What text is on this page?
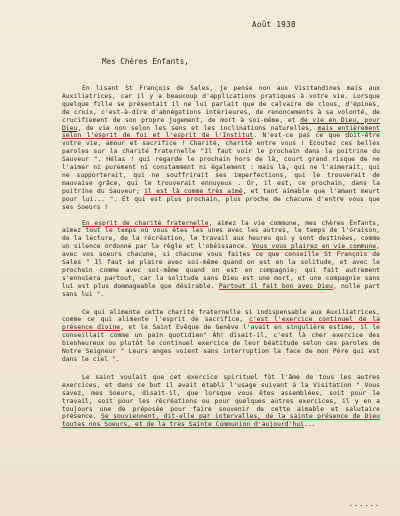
Août 1938
Mes Chères Enfants,

En lisant St François de Sales, je pense non aux Visitandines mais aux Auxiliatrices, car il y a beaucoup d'applications pratiques à votre vie. Lorsque quelque fille se présentait il ne lui parlait que de calvaire de clous, d'épines, de croix, c'est-à-dire d'abnégations intérieures, de renoncements à sa volonté, de crucifiement de son propre jugement, de mort à soi-même, et de vie en Dieu, pour Dieu, de vie non selon les sens et les inclinations naturelles, mais entièrement selon l'esprit de foi et l'esprit de l'Institut. N'est-ce pas ce que doit-être votre vie, amour et sacrifice ! Charité, charité entre vous ! Ecoutez ces belles paroles sur la charité fraternelle "Il faut voir le prochain dans la poitrine du Sauveur ". Hélas ! qui regarde le prochain hors de là, court grand risque de ne l'aimer ni purement ni constamment ni également : mais là, qui ne l'aimerait, qui ne supporterait, qui ne souffrirait ses imperfections, qui le trouverait de mauvaise grâce, qui le trouverait ennuyeux . Or, il est, ce prochain, dans la poitrine du Sauveur; il est là comme très aimé, et tant aimable que l'amant meurt pour lui... ". Et qui est plus prochain, plus proche de chacune d'entre vous que ses Soeurs !

En esprit de charité fraternelle, aimez la vie commune, mes chères Enfants, aimez tout le temps où vous êtes les unes avec les autres, le temps de l'oraison, de la lecture, de la récréation, le travail aux heures qui y sont destinées, comme un silence ordonné par la règle et l'obéissance. Vous vous plairez en vie commune, avec vos soeurs chacune, si chacune vous faites ce que conseille St François de Sales " Il faut se plaire avec soi-même quand on est en la solitude, et avec le prochain comme avec soi-même quand on est en compagnie; qui fait autrement s'ennuiera partout, car la solitude sans Dieu est une mort, et une compagnie sans lui est plus dommageable que désirable. Partout il fait bon avec Dieu, nulle part sans lui ".

Ce qui alimente cette charité fraternelle si indispensable aux Auxiliatrices, comme ce qui alimente l'esprit de sacrifice, c'est l'exercice continuel de la présence divine, et le Saint Evêque de Genève l'avait en singulière estime, il le conseillait comme un pain quotidien" Ah! disait-il, c'est là cher exercice des bienheureux ou plutôt le continuel exercice de leur béatitude selon ces paroles de Notre Seigneur " Leurs anges voient sans interruption la face de mon Père qui est dans le ciel ".

Le saint voulait que cet exercice spirituel fût l'âme de tous les autres exercices, et dans ce but il avait établi l'usage suivant à la Visitation " Vous savez, mes Soeurs, disait-il, que lorsque vous êtes assemblées, soit pour le travail, soit pour les récréations ou pour quelques autres exercices, il y en a toujours une de préposée pour faire souvenir de cette aimable et salutaire présence. Se souviennent, dit-elle par intervalles, de la sainte présence de Dieu toutes nos Soeurs, et de la très Sainte Communion d'aujourd'hui...

......
